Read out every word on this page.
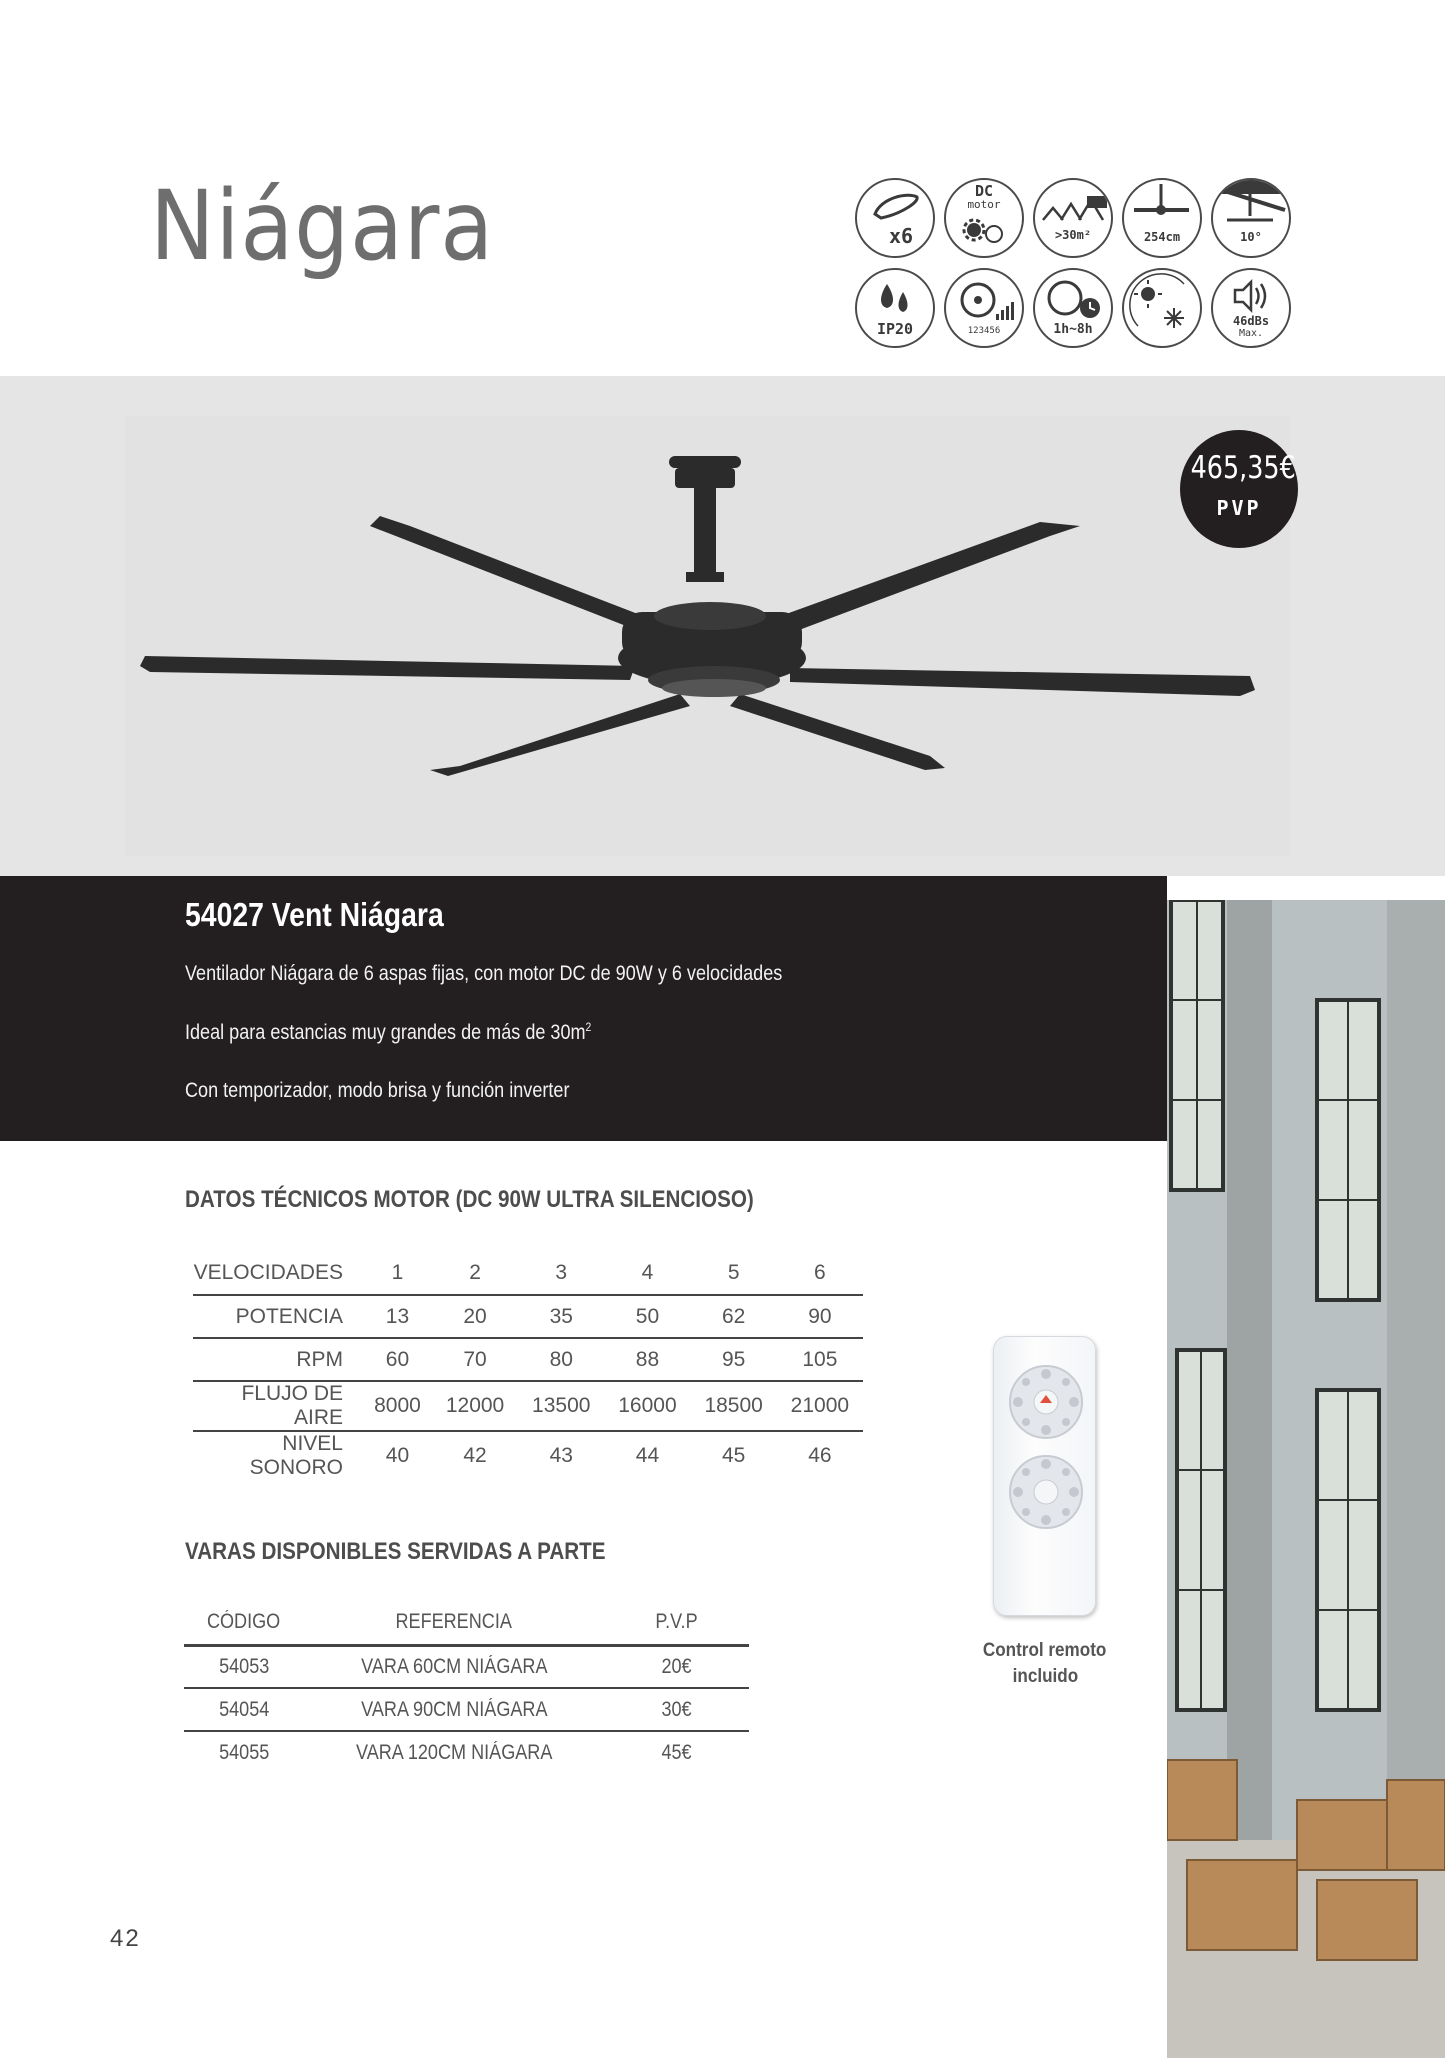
Niágara	x6
DC
motor
XL
>30m²	254cm	10°
IP20	123456	1h~8h
46dBs
Max.
465,35€
PVP
54027 Vent Niágara
Ventilador Niágara de 6 aspas fijas, con motor DC de 90W y 6 velocidades
Ideal para estancias muy grandes de más de $30m^2$
Con temporizador, modo brisa y función inverter
DATOS TÉCNICOS MOTOR (DC 90W ULTRA SILENCIOSO)
VELOCIDADES	1	2	3	4	5	6
POTENCIA	13	20	35	50	62	90
RPM	60	70	80	88	95	105
FLUJO DE AIRE	8000	12000	13500	16000	18500	21000
NIVEL SONORO	40	42	43	44	45	46
VARAS DISPONIBLES SERVIDAS A PARTE
CÓDIGO	REFERENCIA	P.V.P
54053	VARA 60CM NIÁGARA	20€
54054	VARA 90CM NIÁGARA	30€
54055	VARA 120CM NIÁGARA	45€
Control remoto
incluido
42
